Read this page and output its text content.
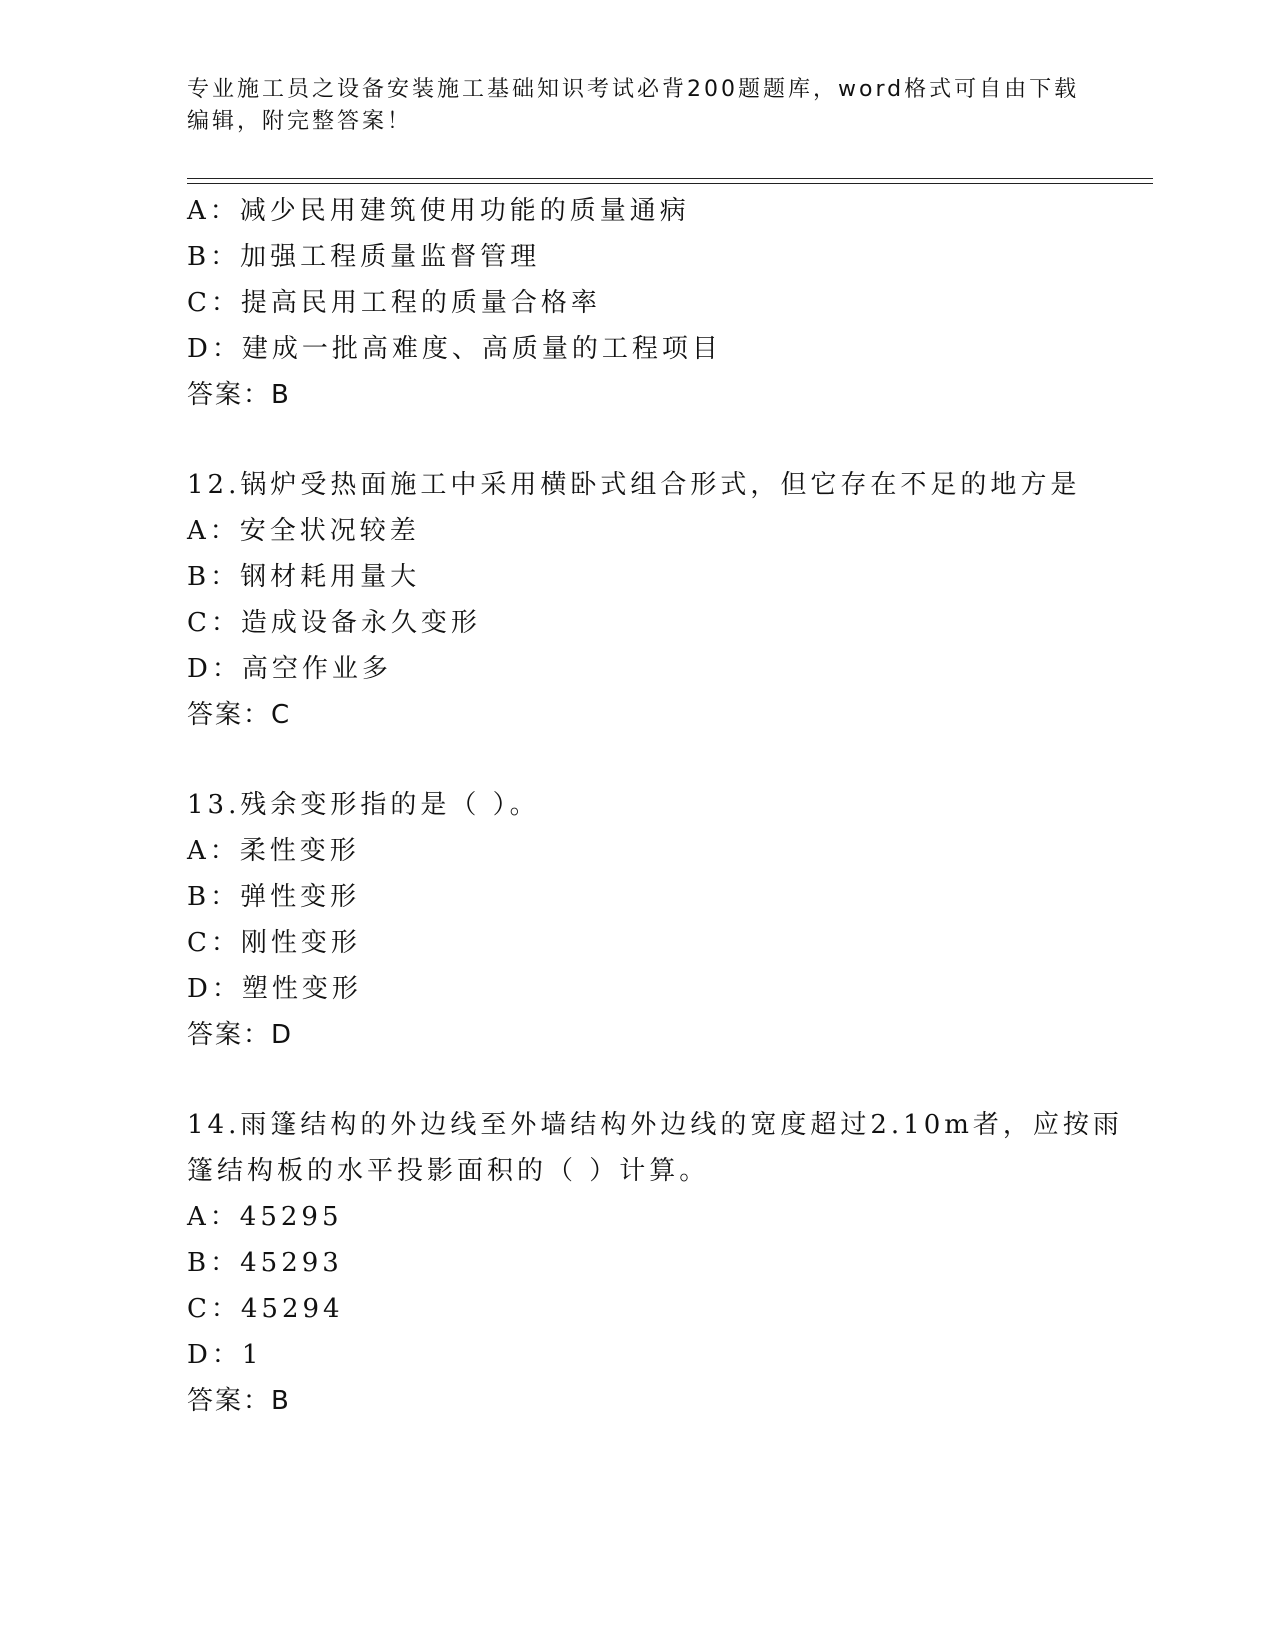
专业施工员之设备安装施工基础知识考试必背200题题库，word格式可自由下载编辑，附完整答案！
A：减少民用建筑使用功能的质量通病
B：加强工程质量监督管理
C：提高民用工程的质量合格率
D：建成一批高难度、高质量的工程项目
答案：B
12.锅炉受热面施工中采用横卧式组合形式，但它存在不足的地方是
A：安全状况较差
B：钢材耗用量大
C：造成设备永久变形
D：高空作业多
答案：C
13.残余变形指的是（ ）。
A：柔性变形
B：弹性变形
C：刚性变形
D：塑性变形
答案：D
14.雨篷结构的外边线至外墙结构外边线的宽度超过2.10m者，应按雨篷结构板的水平投影面积的（ ）计算。
A：45295
B：45293
C：45294
D：1
答案：B
